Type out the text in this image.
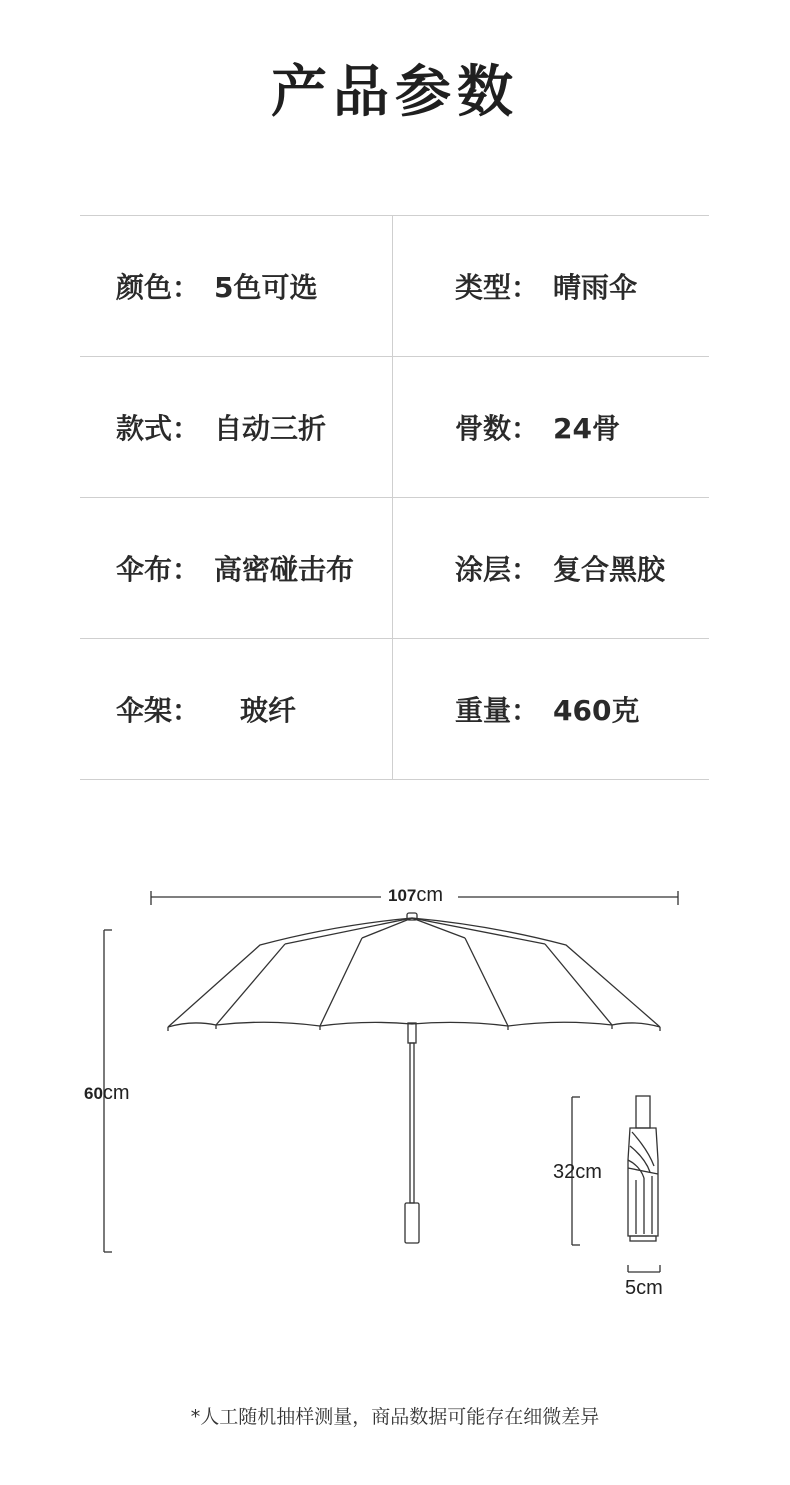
产品参数
颜色： 5色可选	类型： 晴雨伞
款式： 自动三折	骨数： 24骨
伞布： 高密碰击布	涂层： 复合黑胶
伞架： 玻纤	重量： 460克
107cm
60cm
32cm
5cm
*人工随机抽样测量，商品数据可能存在细微差异
